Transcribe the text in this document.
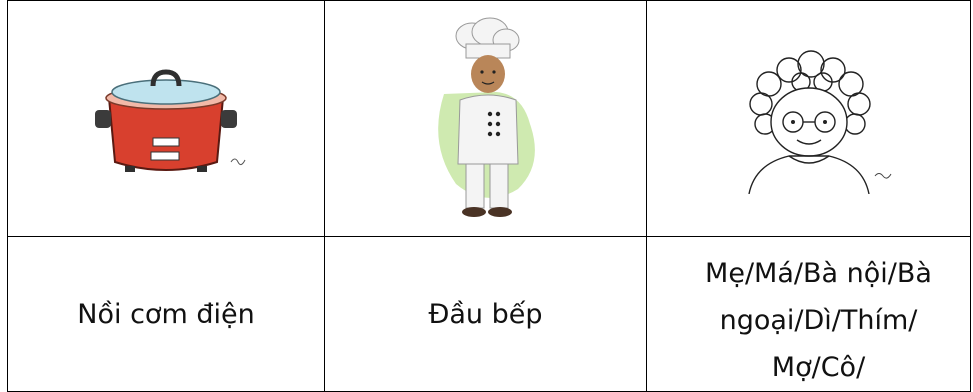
Nồi cơm điện	Đầu bếp	Mẹ/Má/Bà nội/Bà
ngoại/Dì/Thím/
Mợ/Cô/
